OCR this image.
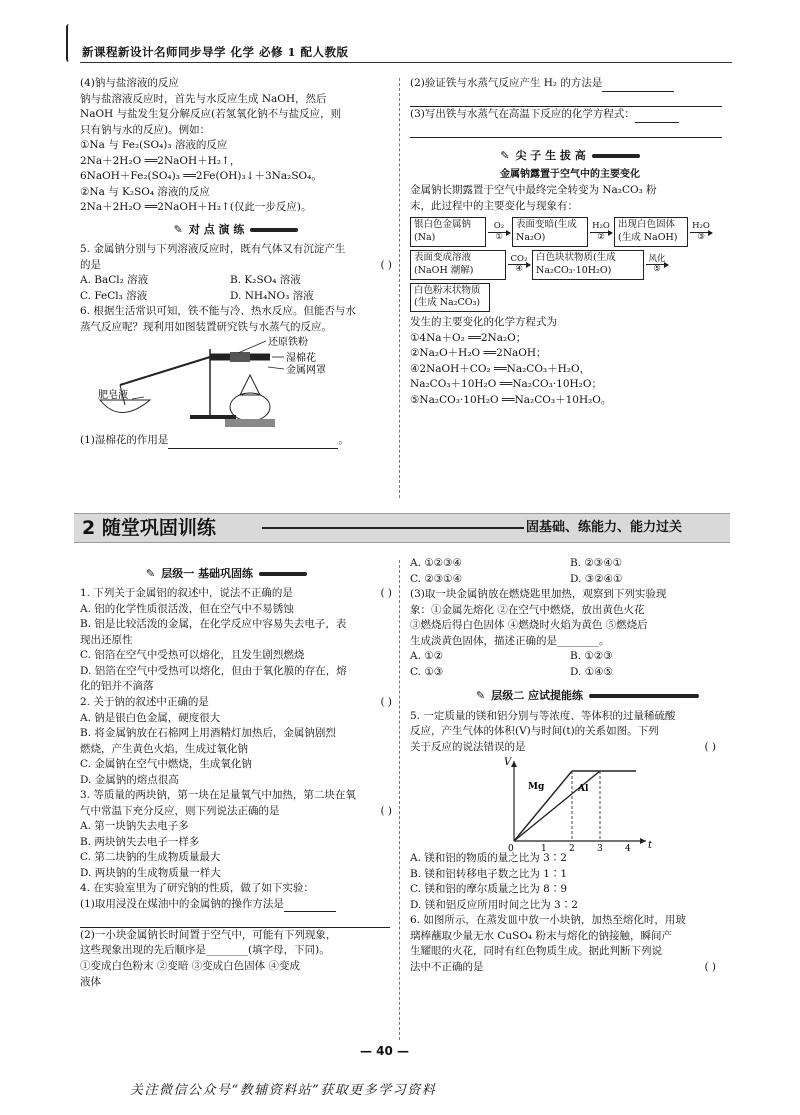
新课程新设计名师同步导学 化学 必修 1 配人教版

(4)钠与盐溶液的反应

钠与盐溶液反应时，首先与水反应生成 NaOH，然后

NaOH 与盐发生复分解反应(若氢氧化钠不与盐反应，则

只有钠与水的反应)。例如：

①Na 与 Fe₂(SO₄)₃ 溶液的反应

2Na＋2H₂O ══2NaOH＋H₂↑，

6NaOH＋Fe₂(SO₄)₃ ══2Fe(OH)₃↓＋3Na₂SO₄。

②Na 与 K₂SO₄ 溶液的反应

2Na＋2H₂O ══2NaOH＋H₂↑(仅此一步反应)。

✎ 对 点 演 练

5. 金属钠分别与下列溶液反应时，既有气体又有沉淀产生

的是	( )

A. BaCl₂ 溶液	B. K₂SO₄ 溶液
C. FeCl₃ 溶液	D. NH₄NO₃ 溶液

6. 根据生活常识可知，铁不能与冷、热水反应。但能否与水

蒸气反应呢？现利用如图装置研究铁与水蒸气的反应。

还原铁粉
湿棉花
金属网罩
肥皂液

(1)湿棉花的作用是	。

(2)验证铁与水蒸气反应产生 H₂ 的方法是

(3)写出铁与水蒸气在高温下反应的化学方程式：

✎ 尖 子 生 拔 高

金属钠露置于空气中的主要变化

金属钠长期露置于空气中最终完全转变为 Na₂CO₃ 粉

末，此过程中的主要变化与现象有：

银白色金属钠(Na)
O₂
①
表面变暗(生成 Na₂O)
H₂O
②
出现白色固体(生成 NaOH)
H₂O
③
表面变成溶液(NaOH 潮解)
CO₂
④
白色块状物质(生成Na₂CO₃·10H₂O)
风化
⑤
白色粉末状物质(生成 Na₂CO₃)

发生的主要变化的化学方程式为

①4Na＋O₂ ══2Na₂O；

②Na₂O＋H₂O ══2NaOH；

④2NaOH＋CO₂ ══Na₂CO₃＋H₂O，

Na₂CO₃＋10H₂O ══Na₂CO₃·10H₂O；

⑤Na₂CO₃·10H₂O ══Na₂CO₃＋10H₂O。

2 随堂巩固训练	固基础、练能力、能力过关
✎ 层级一 基础巩固练

1. 下列关于金属铝的叙述中，说法不正确的是	( )

A. 铝的化学性质很活泼，但在空气中不易锈蚀

B. 铝是比较活泼的金属，在化学反应中容易失去电子，表

现出还原性

C. 铝箔在空气中受热可以熔化，且发生剧烈燃烧

D. 铝箔在空气中受热可以熔化，但由于氧化膜的存在，熔

化的铝并不滴落

2. 关于钠的叙述中正确的是	( )

A. 钠是银白色金属，硬度很大

B. 将金属钠放在石棉网上用酒精灯加热后，金属钠剧烈

燃烧，产生黄色火焰，生成过氧化钠

C. 金属钠在空气中燃烧，生成氧化钠

D. 金属钠的熔点很高

3. 等质量的两块钠，第一块在足量氧气中加热，第二块在氧

气中常温下充分反应，则下列说法正确的是	( )

A. 第一块钠失去电子多

B. 两块钠失去电子一样多

C. 第二块钠的生成物质量最大

D. 两块钠的生成物质量一样大

4. 在实验室里为了研究钠的性质，做了如下实验：

(1)取用浸没在煤油中的金属钠的操作方法是

(2)一小块金属钠长时间置于空气中，可能有下列现象，

这些现象出现的先后顺序是________(填字母，下同)。

①变成白色粉末 ②变暗 ③变成白色固体 ④变成

液体

A. ①②③④	B. ②③④①
C. ②③①④	D. ③②④①

(3)取一块金属钠放在燃烧匙里加热，观察到下列实验现

象：①金属先熔化 ②在空气中燃烧，放出黄色火花

③燃烧后得白色固体 ④燃烧时火焰为黄色 ⑤燃烧后

生成淡黄色固体，描述正确的是________。

A. ①②	B. ①②③
C. ①③	D. ①④⑤
✎ 层级二 应试提能练

5. 一定质量的镁和铝分别与等浓度、等体积的过量稀硫酸

反应，产生气体的体积(V)与时间(t)的关系如图。下列

关于反应的说法错误的是	( )

V
t
0	1 2 3 4
Mg	Al

A. 镁和铝的物质的量之比为 3∶2

B. 镁和铝转移电子数之比为 1∶1

C. 镁和铝的摩尔质量之比为 8∶9

D. 镁和铝反应所用时间之比为 3∶2

6. 如图所示，在蒸发皿中放一小块钠，加热至熔化时，用玻

璃棒蘸取少量无水 CuSO₄ 粉末与熔化的钠接触，瞬间产

生耀眼的火花，同时有红色物质生成。据此判断下列说

法中不正确的是	( )

— 40 —
关注微信公众号“教辅资料站”获取更多学习资料
